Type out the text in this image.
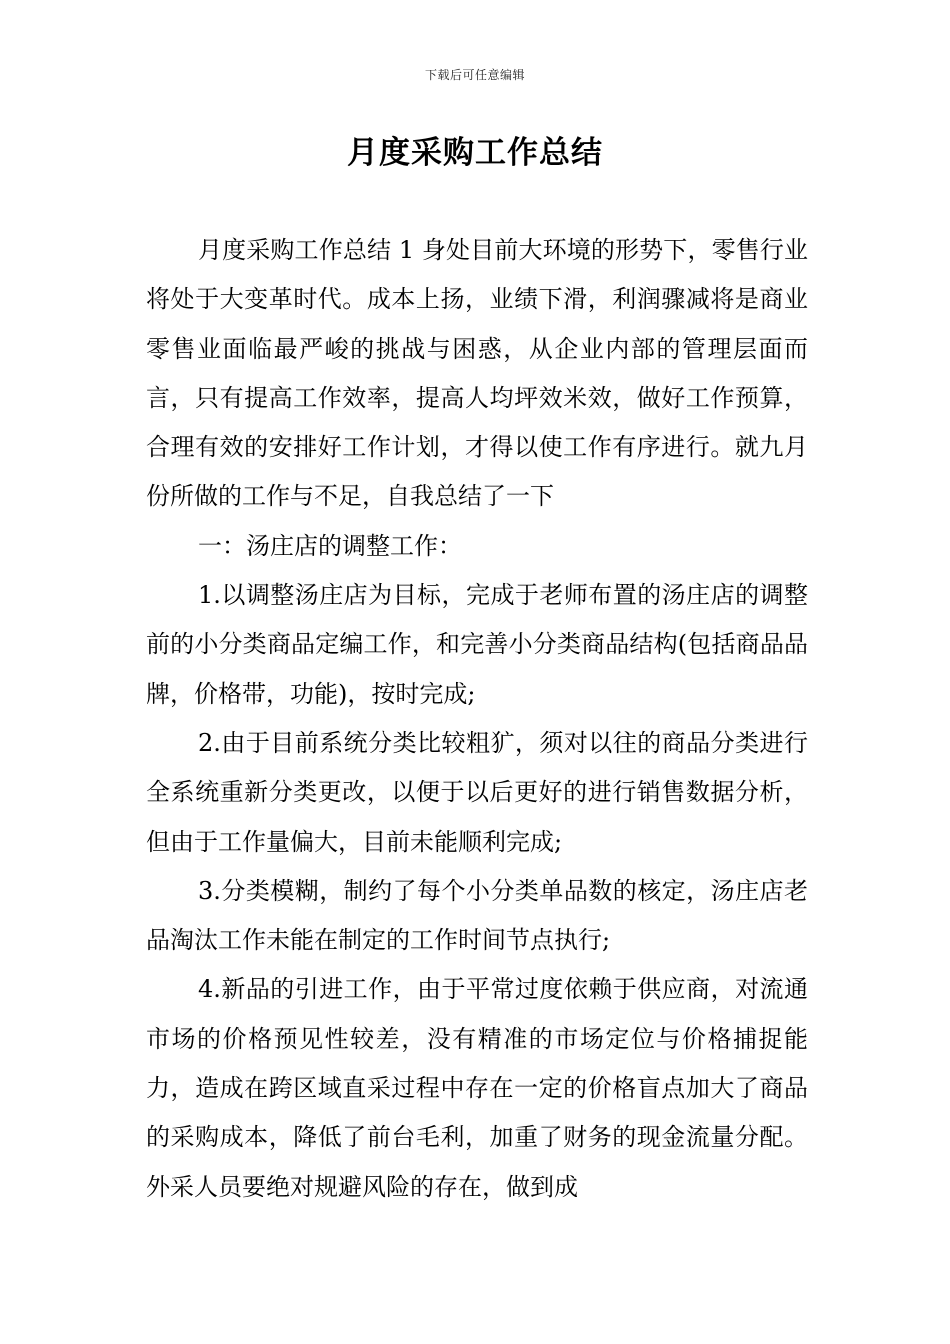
下载后可任意编辑
月度采购工作总结

月度采购工作总结 1 身处目前大环境的形势下，零售行业将处于大变革时代。成本上扬，业绩下滑，利润骤减将是商业零售业面临最严峻的挑战与困惑，从企业内部的管理层面而言，只有提高工作效率，提高人均坪效米效，做好工作预算，合理有效的安排好工作计划，才得以使工作有序进行。就九月份所做的工作与不足，自我总结了一下

一：汤庄店的调整工作：

1.以调整汤庄店为目标，完成于老师布置的汤庄店的调整前的小分类商品定编工作，和完善小分类商品结构(包括商品品牌，价格带，功能)，按时完成;

2.由于目前系统分类比较粗犷，须对以往的商品分类进行全系统重新分类更改，以便于以后更好的进行销售数据分析，但由于工作量偏大，目前未能顺利完成;

3.分类模糊，制约了每个小分类单品数的核定，汤庄店老品淘汰工作未能在制定的工作时间节点执行;

4.新品的引进工作，由于平常过度依赖于供应商，对流通市场的价格预见性较差，没有精准的市场定位与价格捕捉能力，造成在跨区域直采过程中存在一定的价格盲点加大了商品的采购成本，降低了前台毛利，加重了财务的现金流量分配。外采人员要绝对规避风险的存在，做到成
